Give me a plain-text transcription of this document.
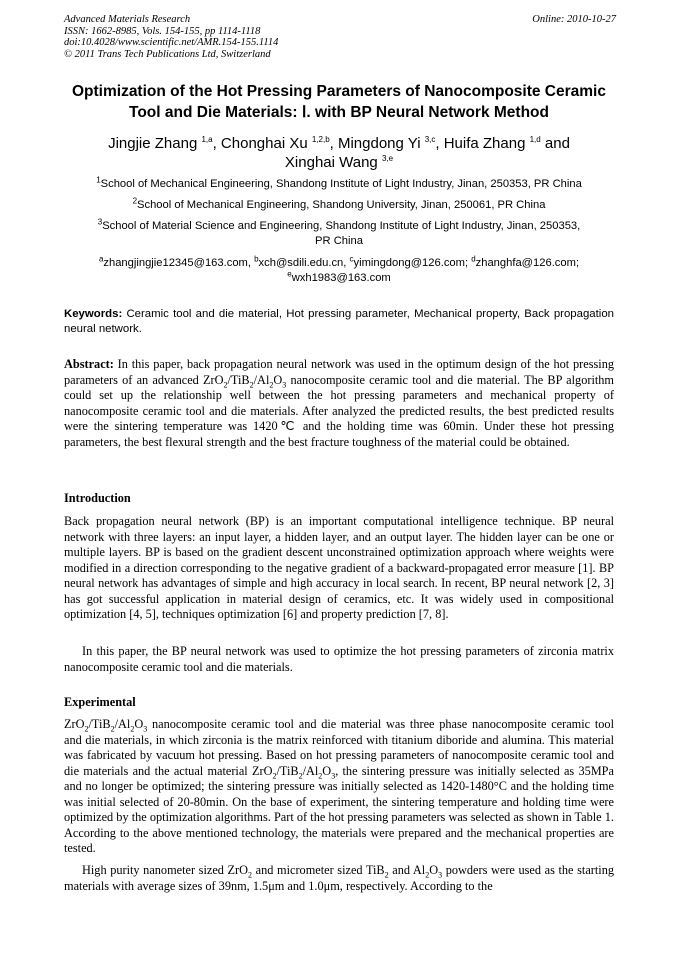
Advanced Materials Research
ISSN: 1662-8985, Vols. 154-155, pp 1114-1118
doi:10.4028/www.scientific.net/AMR.154-155.1114
© 2011 Trans Tech Publications Ltd, Switzerland
Online: 2010-10-27
Optimization of the Hot Pressing Parameters of Nanocomposite Ceramic
Tool and Die Materials: Ⅰ. with BP Neural Network Method
Jingjie Zhang $^{1,a}$, Chonghai Xu $^{1,2,b}$, Mingdong Yi $^{3,c}$, Huifa Zhang $^{1,d}$ and
Xinghai Wang $^{3,e}$
$^1$School of Mechanical Engineering, Shandong Institute of Light Industry, Jinan, 250353, PR China
$^2$School of Mechanical Engineering, Shandong University, Jinan, 250061, PR China
$^3$School of Material Science and Engineering, Shandong Institute of Light Industry, Jinan, 250353,
PR China
$^a$zhangjingjie12345@163.com, $^b$xch@sdili.edu.cn, $^c$yimingdong@126.com; $^d$zhanghfa@126.com;
$^e$wxh1983@163.com
Keywords: Ceramic tool and die material, Hot pressing parameter, Mechanical property, Back propagation neural network.
Abstract: In this paper, back propagation neural network was used in the optimum design of the hot pressing parameters of an advanced $ZrO_2/TiB_2/Al_2O_3$ nanocomposite ceramic tool and die material. The BP algorithm could set up the relationship well between the hot pressing parameters and mechanical property of nanocomposite ceramic tool and die materials. After analyzed the predicted results, the best predicted results were the sintering temperature was 1420℃ and the holding time was 60min. Under these hot pressing parameters, the best flexural strength and the best fracture toughness of the material could be obtained.
Introduction

Back propagation neural network (BP) is an important computational intelligence technique. BP neural network with three layers: an input layer, a hidden layer, and an output layer. The hidden layer can be one or multiple layers. BP is based on the gradient descent unconstrained optimization approach where weights were modified in a direction corresponding to the negative gradient of a backward-propagated error measure [1]. BP neural network has advantages of simple and high accuracy in local search. In recent, BP neural network [2, 3] has got successful application in material design of ceramics, etc. It was widely used in compositional optimization [4, 5], techniques optimization [6] and property prediction [7, 8].

In this paper, the BP neural network was used to optimize the hot pressing parameters of zirconia matrix nanocomposite ceramic tool and die materials.

Experimental

$ZrO_2/TiB_2/Al_2O_3$ nanocomposite ceramic tool and die material was three phase nanocomposite ceramic tool and die materials, in which zirconia is the matrix reinforced with titanium diboride and alumina. This material was fabricated by vacuum hot pressing. Based on hot pressing parameters of nanocomposite ceramic tool and die materials and the actual material $ZrO_2/TiB_2/Al_2O_3$, the sintering pressure was initially selected as 35MPa and no longer be optimized; the sintering pressure was initially selected as 1420-1480°C and the holding time was initial selected of 20-80min. On the base of experiment, the sintering temperature and holding time were optimized by the optimization algorithms. Part of the hot pressing parameters was selected as shown in Table 1. According to the above mentioned technology, the materials were prepared and the mechanical properties are tested.

High purity nanometer sized ZrO$_2$ and micrometer sized TiB$_2$ and $Al_2O_3$ powders were used as the starting materials with average sizes of 39nm, 1.5μm and 1.0μm, respectively. According to the
